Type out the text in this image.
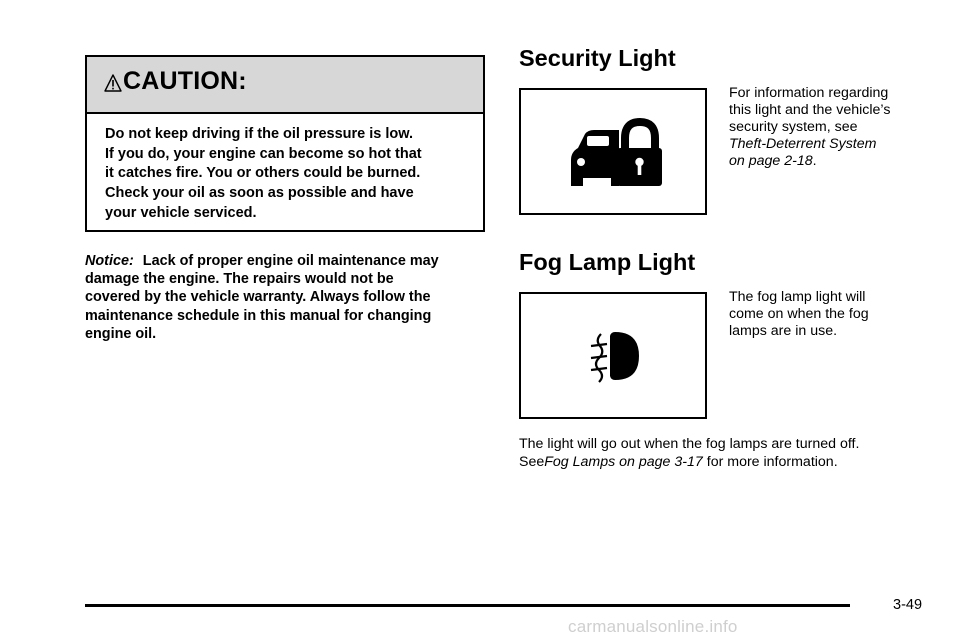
CAUTION:

Do not keep driving if the oil pressure is low.

If you do, your engine can become so hot that

it catches fire. You or others could be burned.

Check your oil as soon as possible and have

your vehicle serviced.

Notice: Lack of proper engine oil maintenance may

damage the engine. The repairs would not be

covered by the vehicle warranty. Always follow the

maintenance schedule in this manual for changing

engine oil.

Security Light

For information regarding

this light and the vehicle’s

security system, see

Theft-Deterrent System

on page 2-18.

Fog Lamp Light

The fog lamp light will

come on when the fog

lamps are in use.

The light will go out when the fog lamps are turned off.

SeeFog Lamps on page 3-17 for more information.

3-49
carmanualsonline.info
